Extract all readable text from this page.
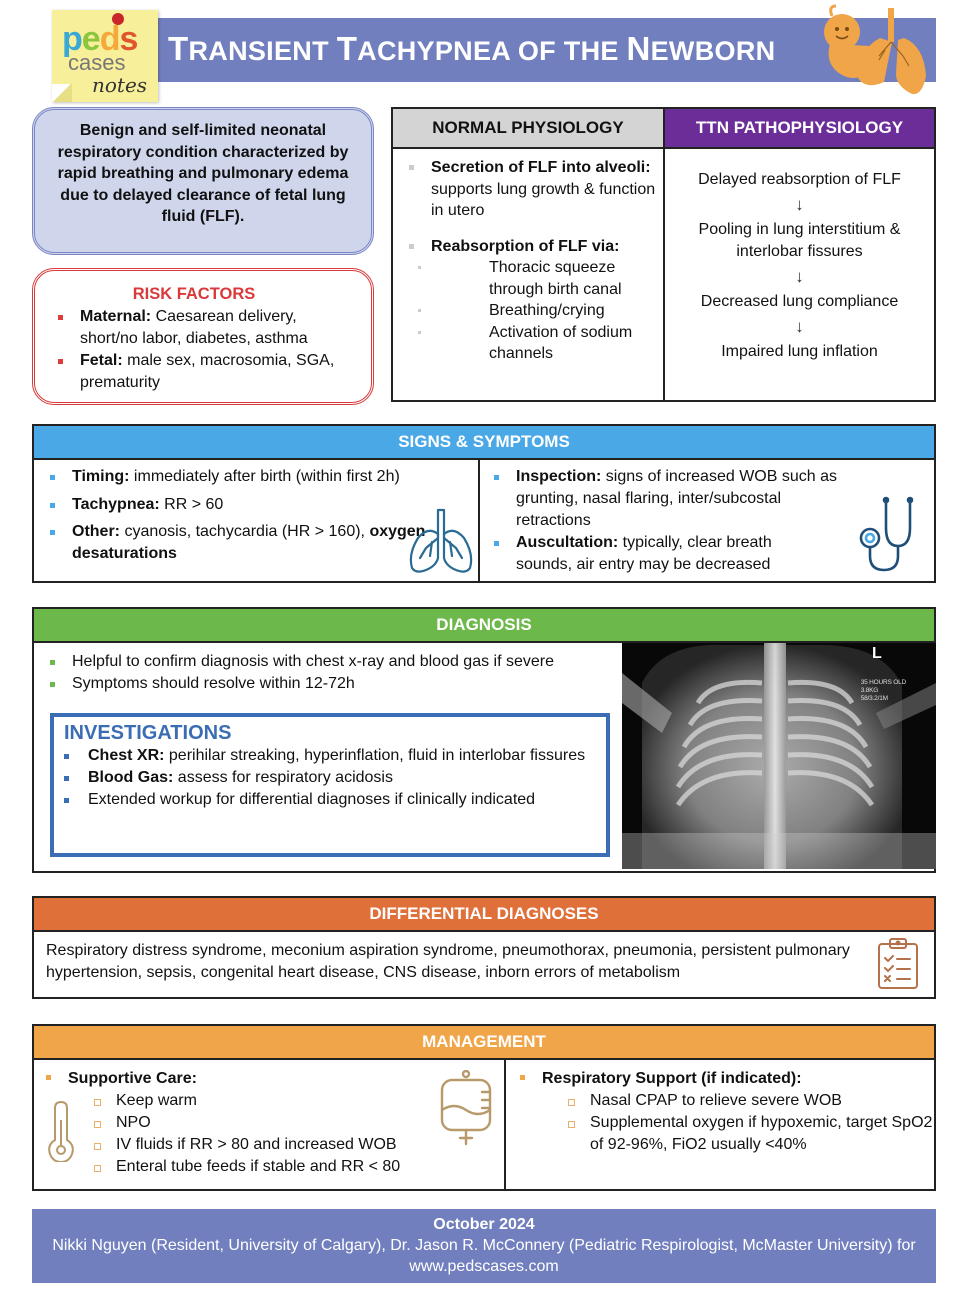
peds
cases
notes
TRANSIENT TACHYPNEA OF THE NEWBORN
Benign and self-limited neonatal respiratory condition characterized by rapid breathing and pulmonary edema due to delayed clearance of fetal lung fluid (FLF).
RISK FACTORS
Maternal: Caesarean delivery, short/no labor, diabetes, asthma
Fetal: male sex, macrosomia, SGA, prematurity
NORMAL PHYSIOLOGY
Secretion of FLF into alveoli: supports lung growth & function in utero
Reabsorption of FLF via:
Thoracic squeeze through birth canal
Breathing/crying
Activation of sodium channels
TTN PATHOPHYSIOLOGY
Delayed reabsorption of FLF
↓
Pooling in lung interstitium & interlobar fissures
↓
Decreased lung compliance
↓
Impaired lung inflation
SIGNS & SYMPTOMS
Timing: immediately after birth (within first 2h)
Tachypnea: RR > 60
Other: cyanosis, tachycardia (HR > 160), oxygen desaturations
Inspection: signs of increased WOB such as grunting, nasal flaring, inter/subcostal retractions
Auscultation: typically, clear breath sounds, air entry may be decreased
DIAGNOSIS
Helpful to confirm diagnosis with chest x-ray and blood gas if severe
Symptoms should resolve within 12-72h
INVESTIGATIONS
Chest XR: perihilar streaking, hyperinflation, fluid in interlobar fissures
Blood Gas: assess for respiratory acidosis
Extended workup for differential diagnoses if clinically indicated
L
35 HOURS OLD
3.8KG
58/3.2/1M
DIFFERENTIAL DIAGNOSES
Respiratory distress syndrome, meconium aspiration syndrome, pneumothorax, pneumonia, persistent pulmonary hypertension, sepsis, congenital heart disease, CNS disease, inborn errors of metabolism
MANAGEMENT
Supportive Care:
Keep warm
NPO
IV fluids if RR > 80 and increased WOB
Enteral tube feeds if stable and RR < 80
Respiratory Support (if indicated):
Nasal CPAP to relieve severe WOB
Supplemental oxygen if hypoxemic, target SpO2 of 92-96%, FiO2 usually <40%
October 2024
Nikki Nguyen (Resident, University of Calgary), Dr. Jason R. McConnery (Pediatric Respirologist, McMaster University) for www.pedscases.com
